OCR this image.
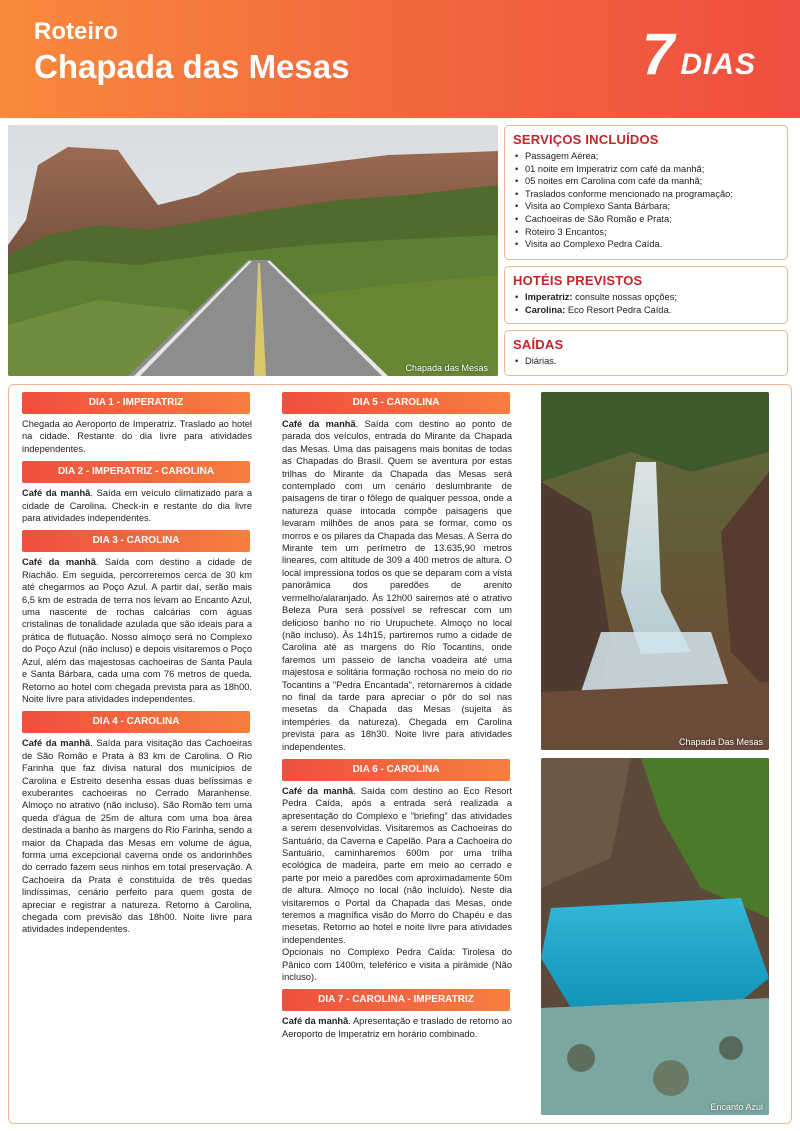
Roteiro
Chapada das Mesas	7 DIAS
Chapada das Mesas
SERVIÇOS INCLUÍDOS
• Passagem Aérea;
• 01 noite em Imperatriz com café da manhã;
• 05 noites em Carolina com café da manhã;
• Traslados conforme mencionado na programação;
• Visita ao Complexo Santa Bárbara;
• Cachoeiras de São Romão e Prata;
• Roteiro 3 Encantos;
• Visita ao Complexo Pedra Caída.
HOTÉIS PREVISTOS
• Imperatriz: consulte nossas opções;
• Carolina: Eco Resort Pedra Caída.
SAÍDAS
• Diárias.
DIA 1 - IMPERATRIZ

Chegada ao Aeroporto de Imperatriz. Traslado ao hotel na cidade. Restante do dia livre para atividades independentes.

DIA 2 - IMPERATRIZ - CAROLINA

Café da manhã. Saída em veículo climatizado para a cidade de Carolina. Check-in e restante do dia livre para atividades independentes.

DIA 3 - CAROLINA

Café da manhã. Saída com destino a cidade de Riachão. Em seguida, percorreremos cerca de 30 km até chegarmos ao Poço Azul. A partir daí, serão mais 6,5 km de estrada de terra nos levam ao Encanto Azul, uma nascente de rochas calcárias com águas cristalinas de tonalidade azulada que são ideais para a prática de flutuação. Nosso almoço será no Complexo do Poço Azul (não incluso) e depois visitaremos o Poço Azul, além das majestosas cachoeiras de Santa Paula e Santa Bárbara, cada uma com 76 metros de queda. Retorno ao hotel com chegada prevista para as 18h00. Noite livre para atividades independentes.

DIA 4 - CAROLINA

Café da manhã. Saída para visitação das Cachoeiras de São Romão e Prata à 83 km de Carolina. O Rio Farinha que faz divisa natural dos municípios de Carolina e Estreito desenha essas duas belíssimas e exuberantes cachoeiras no Cerrado Maranhense. Almoço no atrativo (não incluso). São Romão tem uma queda d'água de 25m de altura com uma boa área destinada a banho às margens do Rio Farinha, sendo a maior da Chapada das Mesas em volume de água, forma uma excepcional caverna onde os andorinhões do cerrado fazem seus ninhos em total preservação. A Cachoeira da Prata é constituída de três quedas lindíssimas, cenário perfeito para quem gosta de apreciar e registrar a natureza. Retorno à Carolina, chegada com previsão das 18h00. Noite livre para atividades independentes.

DIA 5 - CAROLINA

Café da manhã. Saída com destino ao ponto de parada dos veículos, entrada do Mirante da Chapada das Mesas. Uma das paisagens mais bonitas de todas as Chapadas do Brasil. Quem se aventura por estas trilhas do Mirante da Chapada das Mesas será contemplado com um cenário deslumbrante de paisagens de tirar o fôlego de qualquer pessoa, onde a natureza quase intocada compõe paisagens que levaram milhões de anos para se formar, como os morros e os pilares da Chapada das Mesas. A Serra do Mirante tem um perímetro de 13.635,90 metros lineares, com altitude de 309 a 400 metros de altura. O local impressiona todos os que se deparam com a vista panorâmica dos paredões de arenito vermelho/alaranjado. Às 12h00 sairemos até o atrativo Beleza Pura será possível se refrescar com um delicioso banho no rio Urupuchete. Almoço no local (não incluso). Às 14h15, partiremos rumo a cidade de Carolina até as margens do Rio Tocantins, onde faremos um passeio de lancha voadeira até uma majestosa e solitária formação rochosa no meio do rio Tocantins a "Pedra Encantada", retornaremos à cidade no final da tarde para apreciar o pôr do sol nas mesetas da Chapada das Mesas (sujeita às intempéries da natureza). Chegada em Carolina prevista para as 18h30. Noite livre para atividades independentes.

DIA 6 - CAROLINA

Café da manhã. Saída com destino ao Eco Resort Pedra Caída, após a entrada será realizada a apresentação do Complexo e "briefing" das atividades a serem desenvolvidas. Visitaremos as Cachoeiras do Santuário, da Caverna e Capelão. Para a Cachoeira do Santuário, caminharemos 600m por uma trilha ecológica de madeira, parte em meio ao cerrado e parte por meio a paredões com aproximadamente 50m de altura. Almoço no local (não incluído). Neste dia visitaremos o Portal da Chapada das Mesas, onde teremos a magnífica visão do Morro do Chapéu e das mesetas. Retorno ao hotel e noite livre para atividades independentes.

Opcionais no Complexo Pedra Caída: Tirolesa do Pânico com 1400m, teleférico e visita a pirâmide (Não incluso).

DIA 7 - CAROLINA - IMPERATRIZ

Café da manhã. Apresentação e traslado de retorno ao Aeroporto de Imperatriz em horário combinado.

Chapada Das Mesas
Encanto Azul
